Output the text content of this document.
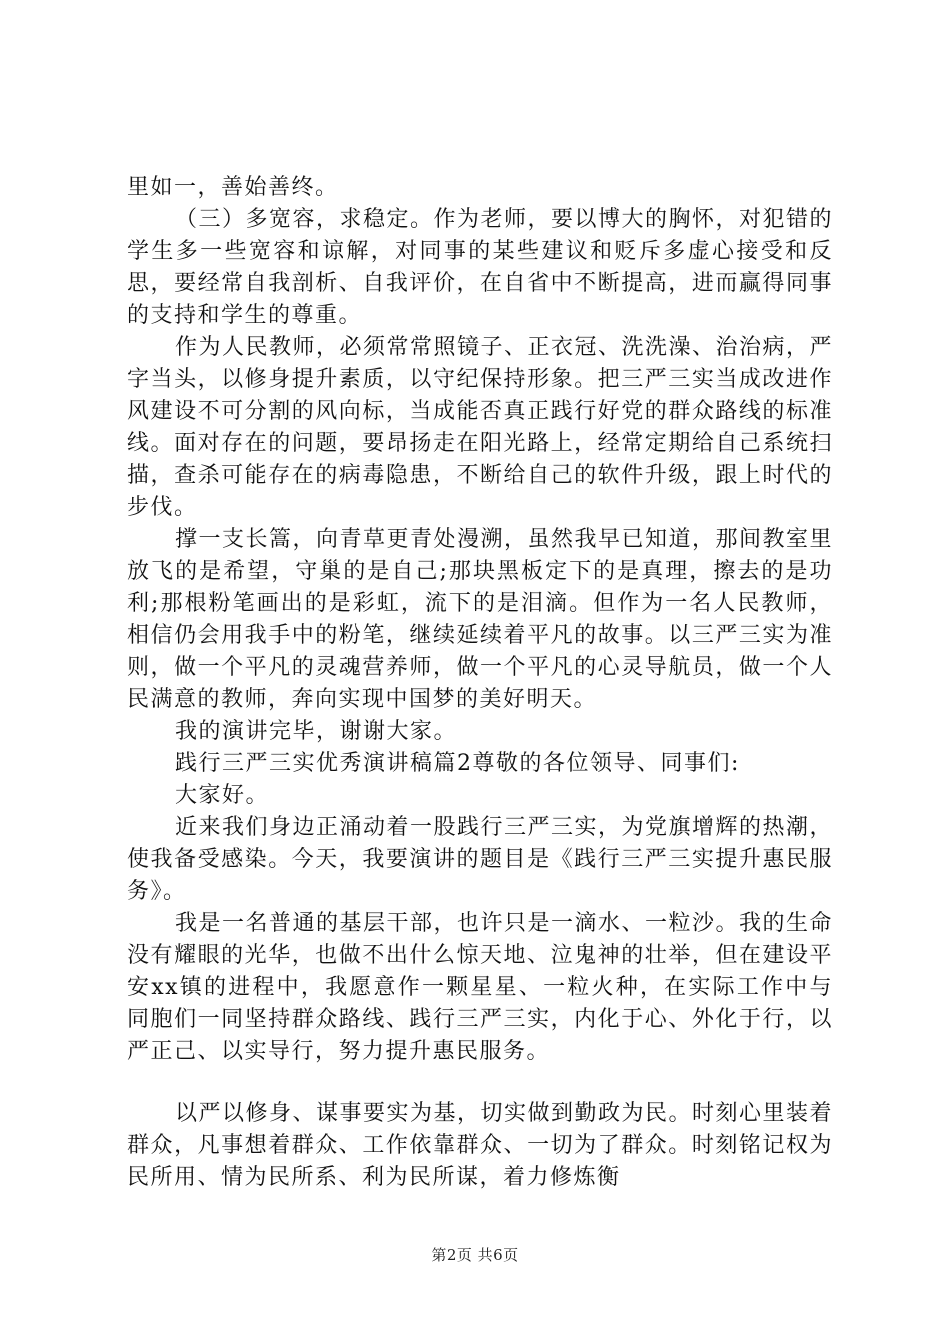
里如一，善始善终。

（三）多宽容，求稳定。作为老师，要以博大的胸怀，对犯错的学生多一些宽容和谅解，对同事的某些建议和贬斥多虚心接受和反思，要经常自我剖析、自我评价，在自省中不断提高，进而赢得同事的支持和学生的尊重。

作为人民教师，必须常常照镜子、正衣冠、洗洗澡、治治病，严字当头，以修身提升素质，以守纪保持形象。把三严三实当成改进作风建设不可分割的风向标，当成能否真正践行好党的群众路线的标准线。面对存在的问题，要昂扬走在阳光路上，经常定期给自己系统扫描，查杀可能存在的病毒隐患，不断给自己的软件升级，跟上时代的步伐。

撑一支长篙，向青草更青处漫溯，虽然我早已知道，那间教室里放飞的是希望，守巢的是自己;那块黑板定下的是真理，擦去的是功利;那根粉笔画出的是彩虹，流下的是泪滴。但作为一名人民教师，相信仍会用我手中的粉笔，继续延续着平凡的故事。以三严三实为准则，做一个平凡的灵魂营养师，做一个平凡的心灵导航员，做一个人民满意的教师，奔向实现中国梦的美好明天。

我的演讲完毕，谢谢大家。

践行三严三实优秀演讲稿篇2尊敬的各位领导、同事们:

大家好。

近来我们身边正涌动着一股践行三严三实，为党旗增辉的热潮，使我备受感染。今天，我要演讲的题目是《践行三严三实提升惠民服务》。

我是一名普通的基层干部，也许只是一滴水、一粒沙。我的生命没有耀眼的光华，也做不出什么惊天地、泣鬼神的壮举，但在建设平安xx镇的进程中，我愿意作一颗星星、一粒火种，在实际工作中与同胞们一同坚持群众路线、践行三严三实，内化于心、外化于行，以严正己、以实导行，努力提升惠民服务。

以严以修身、谋事要实为基，切实做到勤政为民。时刻心里装着群众，凡事想着群众、工作依靠群众、一切为了群众。时刻铭记权为民所用、情为民所系、利为民所谋，着力修炼衡

第2页 共6页
